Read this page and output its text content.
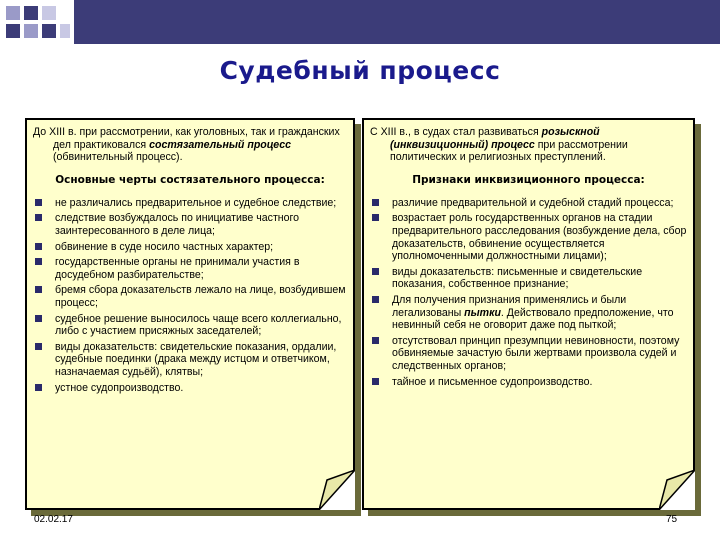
Судебный процесс

До XIII в. при рассмотрении, как уголовных, так и гражданских дел практиковался состязательный процесс (обвинительный процесс).

Основные черты состязательного процесса:
не различались предварительное и судебное следствие;
следствие возбуждалось по инициативе частного заинтересованного в деле лица;
обвинение в суде носило частных характер;
государственные органы не принимали участия в досудебном разбирательстве;
бремя сбора доказательств лежало на лице, возбудившем процесс;
судебное решение выносилось чаще всего коллегиально, либо с участием присяжных заседателей;
виды доказательств: свидетельские показания, ордалии, судебные поединки (драка между истцом и ответчиком, назначаемая судьёй), клятвы;
устное судопроизводство.

С XIII в., в судах стал развиваться розыскной (инквизиционный) процесс при рассмотрении политических и религиозных преступлений.

Признаки инквизиционного процесса:
различие предварительной и судебной стадий процесса;
возрастает роль государственных органов на стадии предварительного расследования (возбуждение дела, сбор доказательств, обвинение осуществляется уполномоченными должностными лицами);
виды доказательств: письменные и свидетельские показания, собственное признание;
Для получения признания применялись и были легализованы пытки. Действовало предположение, что невинный себя не оговорит даже под пыткой;
отсутствовал принцип презумпции невиновности, поэтому обвиняемые зачастую были жертвами произвола судей и следственных органов;
тайное и письменное судопроизводство.
02.02.17	75
